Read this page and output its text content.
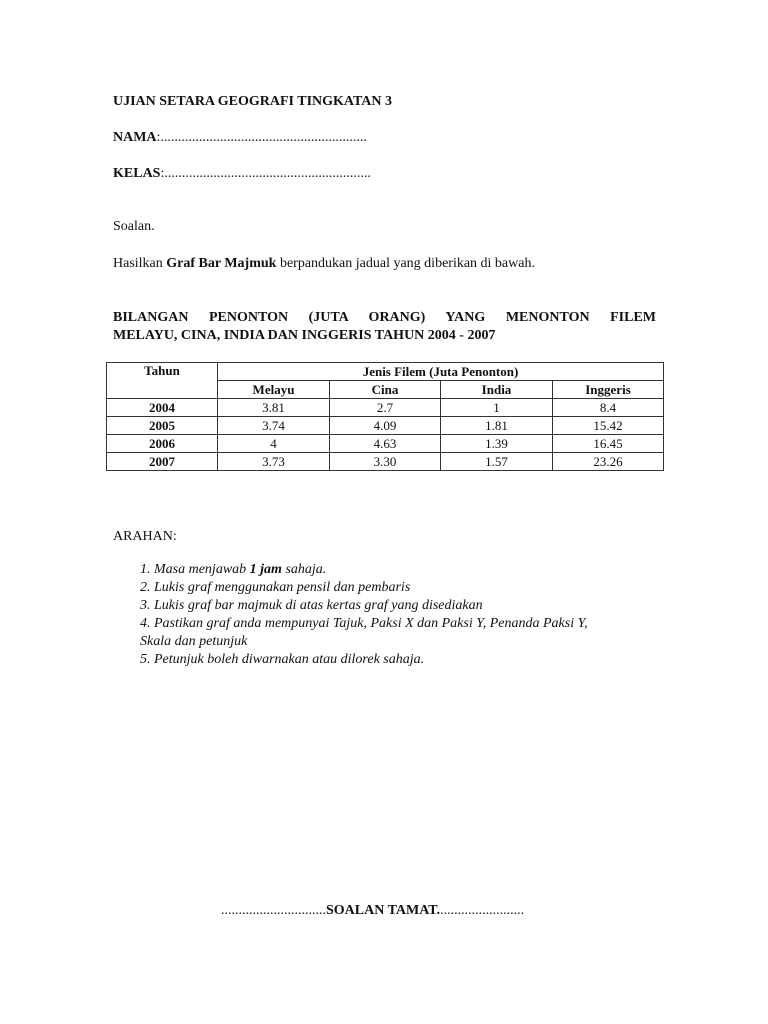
UJIAN SETARA GEOGRAFI TINGKATAN 3
NAMA:...........................................................
KELAS:...........................................................
Soalan.
Hasilkan Graf Bar Majmuk berpandukan jadual yang diberikan di bawah.
BILANGAN PENONTON (JUTA ORANG) YANG MENONTON FILEM
MELAYU, CINA, INDIA DAN INGGERIS TAHUN 2004 - 2007
Tahun	Jenis Filem (Juta Penonton)			
	Melayu	Cina	India	Inggeris
2004	3.81	2.7	1	8.4
2005	3.74	4.09	1.81	15.42
2006	4	4.63	1.39	16.45
2007	3.73	3.30	1.57	23.26
ARAHAN:
1. Masa menjawab 1 jam sahaja.
2. Lukis graf menggunakan pensil dan pembaris
3. Lukis graf bar majmuk di atas kertas graf yang disediakan
4. Pastikan graf anda mempunyai Tajuk, Paksi X dan Paksi Y, Penanda Paksi Y,
Skala dan petunjuk
5. Petunjuk boleh diwarnakan atau dilorek sahaja.
..............................SOALAN TAMAT.........................
